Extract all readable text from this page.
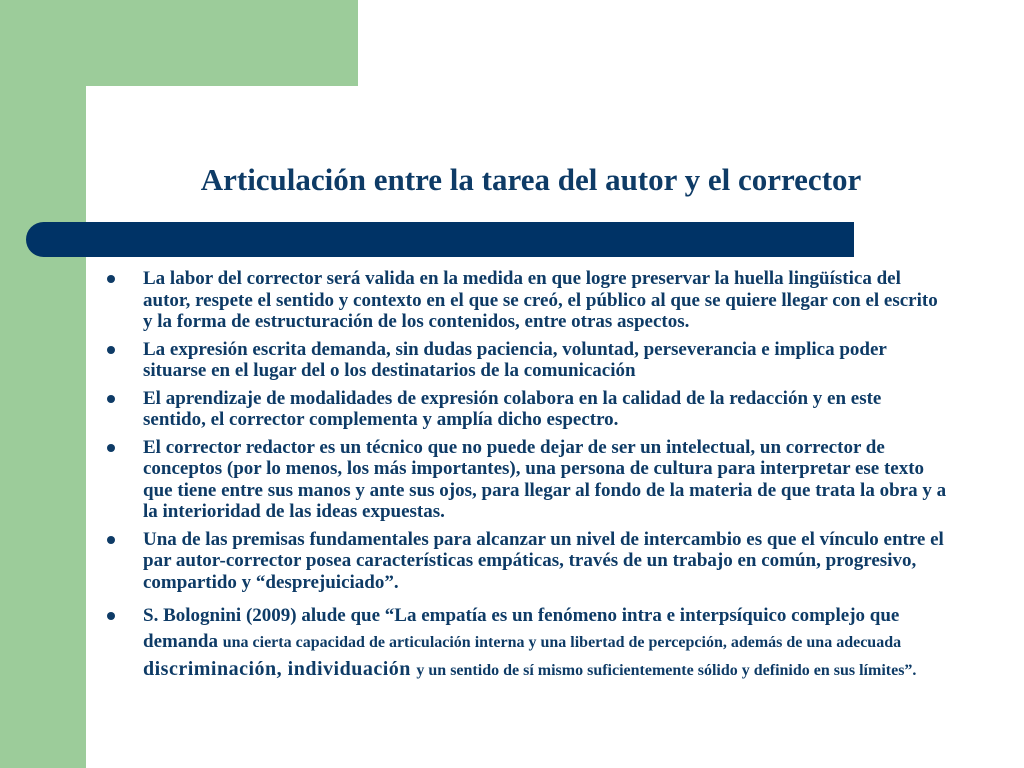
Articulación entre la tarea del autor y el corrector
La labor del corrector será valida en la medida en que logre preservar la huella lingüística del autor, respete el sentido y contexto en el que se creó, el público al que se quiere llegar con el escrito y la forma de estructuración de los contenidos, entre otras aspectos.
La expresión escrita demanda, sin dudas paciencia, voluntad, perseverancia e implica poder situarse en el lugar del o los destinatarios de la comunicación
El aprendizaje de modalidades de expresión colabora en la calidad de la redacción y en este sentido, el corrector complementa y amplía dicho espectro.
El corrector redactor es un técnico que no puede dejar de ser un intelectual, un corrector de conceptos (por lo menos, los más importantes), una persona de cultura para interpretar ese texto que tiene entre sus manos y ante sus ojos, para llegar al fondo de la materia de que trata la obra y a la interioridad de las ideas expuestas.
Una de las premisas fundamentales para alcanzar un nivel de intercambio es que el vínculo entre el par autor-corrector posea características empáticas, través de un trabajo en común, progresivo, compartido y “desprejuiciado”.
S. Bolognini (2009) alude que “La empatía es un fenómeno intra e interpsíquico complejo que demanda una cierta capacidad de articulación interna y una libertad de percepción, además de una adecuada discriminación, individuación y un sentido de sí mismo suficientemente sólido y definido en sus límites”.
